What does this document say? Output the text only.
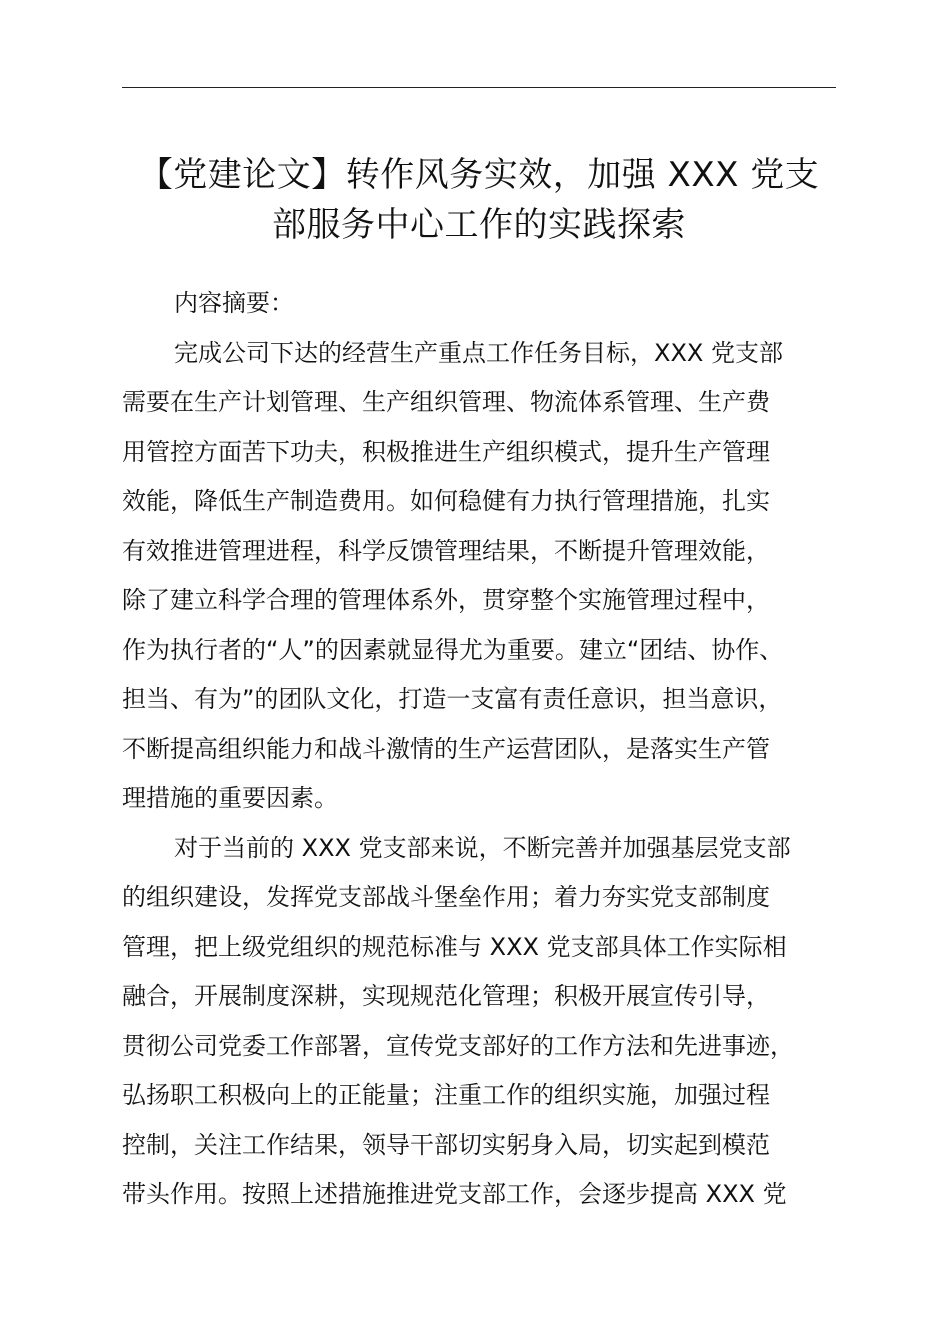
【党建论文】转作风务实效，加强 XXX 党支
部服务中心工作的实践探索
内容摘要：
完成公司下达的经营生产重点工作任务目标，XXX 党支部
需要在生产计划管理、生产组织管理、物流体系管理、生产费
用管控方面苦下功夫，积极推进生产组织模式，提升生产管理
效能，降低生产制造费用。如何稳健有力执行管理措施，扎实
有效推进管理进程，科学反馈管理结果，不断提升管理效能，
除了建立科学合理的管理体系外，贯穿整个实施管理过程中，
作为执行者的“人”的因素就显得尤为重要。建立“团结、协作、
担当、有为”的团队文化，打造一支富有责任意识，担当意识，
不断提高组织能力和战斗激情的生产运营团队，是落实生产管
理措施的重要因素。
对于当前的 XXX 党支部来说，不断完善并加强基层党支部
的组织建设，发挥党支部战斗堡垒作用；着力夯实党支部制度
管理，把上级党组织的规范标准与 XXX 党支部具体工作实际相
融合，开展制度深耕，实现规范化管理；积极开展宣传引导，
贯彻公司党委工作部署，宣传党支部好的工作方法和先进事迹，
弘扬职工积极向上的正能量；注重工作的组织实施，加强过程
控制，关注工作结果，领导干部切实躬身入局，切实起到模范
带头作用。按照上述措施推进党支部工作，会逐步提高 XXX 党
